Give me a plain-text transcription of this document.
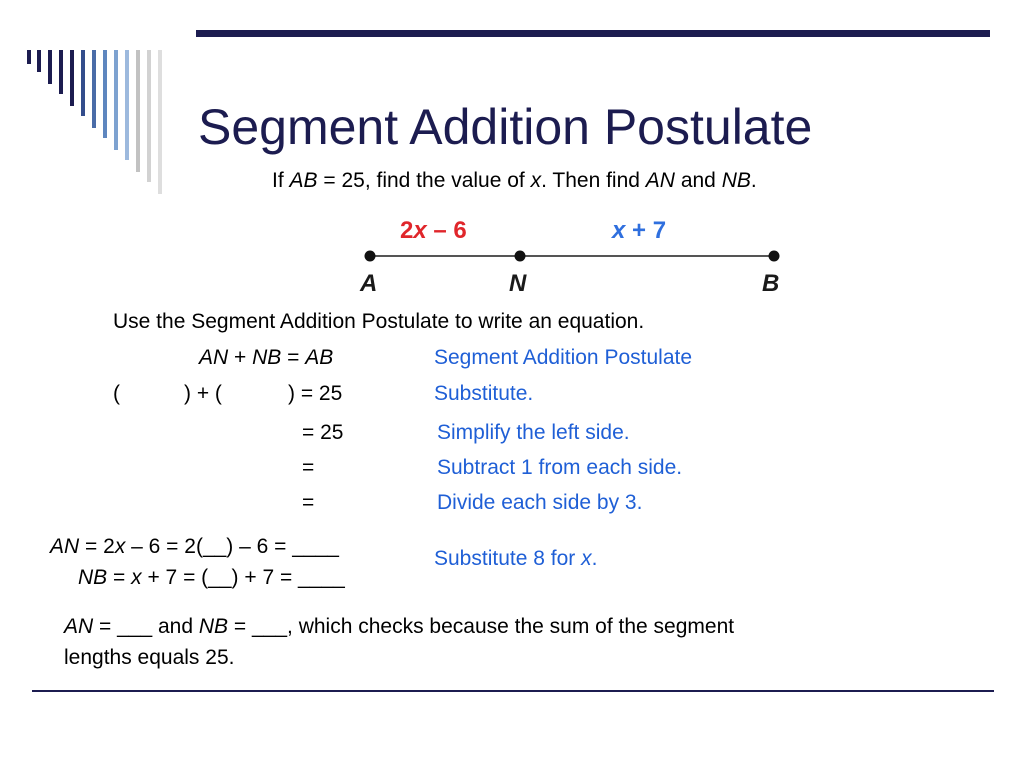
Segment Addition Postulate
If AB = 25, find the value of x. Then find AN and NB.
2x – 6	x + 7
A	N	B
Use the Segment Addition Postulate to write an equation.
AN + NB = AB	Segment Addition Postulate
(	) + (	) = 25	Substitute.
= 25	Simplify the left side.
=	Subtract 1 from each side.
=	Divide each side by 3.
AN = 2x – 6 = 2(__) – 6 = ____
NB = x + 7 = (__) + 7 = ____
Substitute 8 for x.
AN = ___ and NB = ___, which checks because the sum of the segment
lengths equals 25.
